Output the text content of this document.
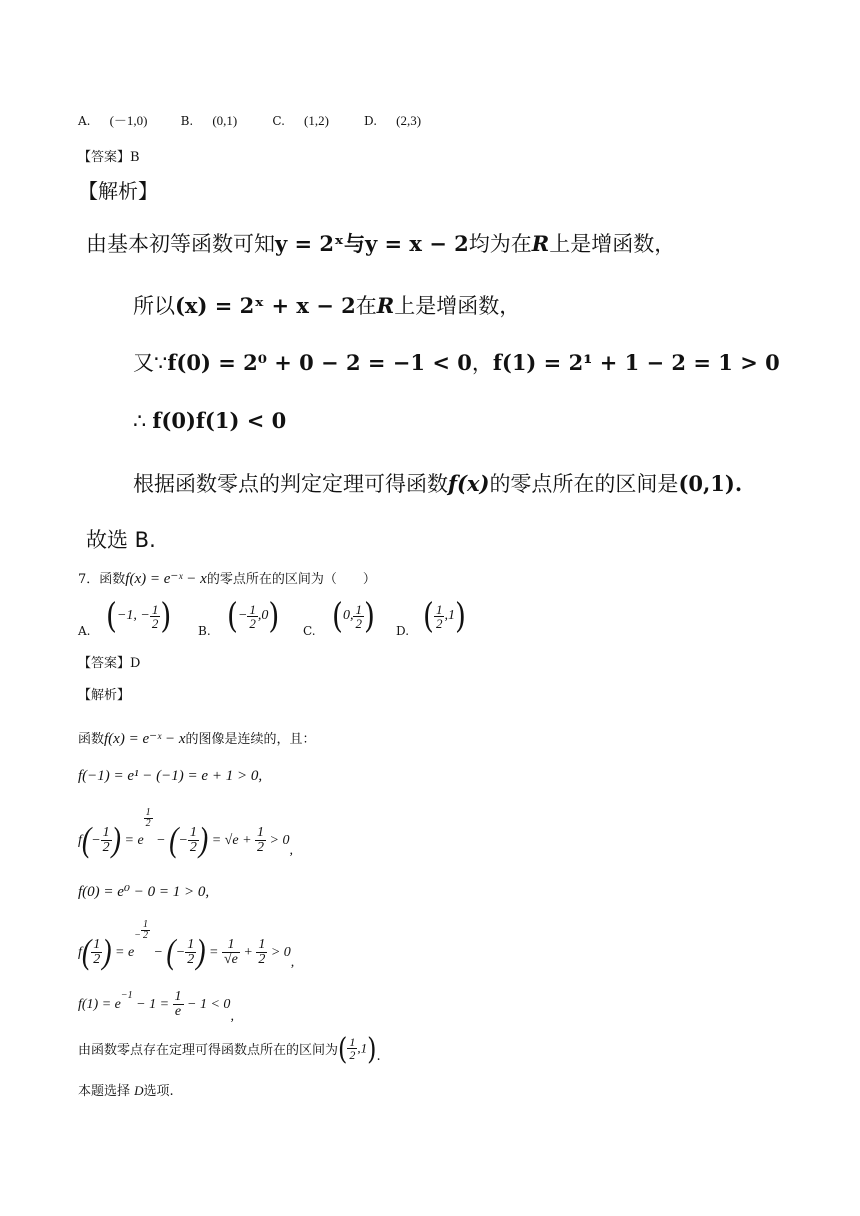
A. (－1,0)	B. (0,1)	C. (1,2)	D. (2,3)
【答案】B
【解析】
由基本初等函数可知y = 2ˣ与y = x − 2均为在R上是增函数，
所以(x) = 2ˣ + x − 2在R上是增函数，
又∵f(0) = 2⁰ + 0 − 2 = −1 < 0，f(1) = 2¹ + 1 − 2 = 1 > 0
∴ f(0)f(1) < 0
根据函数零点的判定定理可得函数f(x)的零点所在的区间是(0,1).
故选 B.
7．函数f(x) = e⁻ˣ − x的零点所在的区间为（　　）
A. (−1, − $\frac{1}{2}$ ) B. (− $\frac{1}{2} ,0$) C. (0, $\frac{1}{2}$ ) D. ( $\frac{1}{2} ,1$)
【答案】D
【解析】
函数f(x) = e⁻ˣ − x的图像是连续的，且：
f(−1) = e¹ − (−1) = e + 1 > 0,
$f(- \frac{1}{2}$ ) = e
$\frac{1}{2}$
− (− $\frac{1}{2}$ ) = $√e + \frac{1}{2} > 0$,
f(0) = e⁰ − 0 = 1 > 0,
$f( \frac{1}{2}$ ) = $e^- \frac{1}{2}$
− (− $\frac{1}{2}$ ) = $\frac{1}{√e} + \frac{1}{2} > 0$,
$f(1) = e^{-1} - 1 = \frac{1}{e} - 1 < 0$,
由函数零点存在定理可得函数点所在的区间为( $\frac{1}{2} ,1$).
本题选择 D选项.
